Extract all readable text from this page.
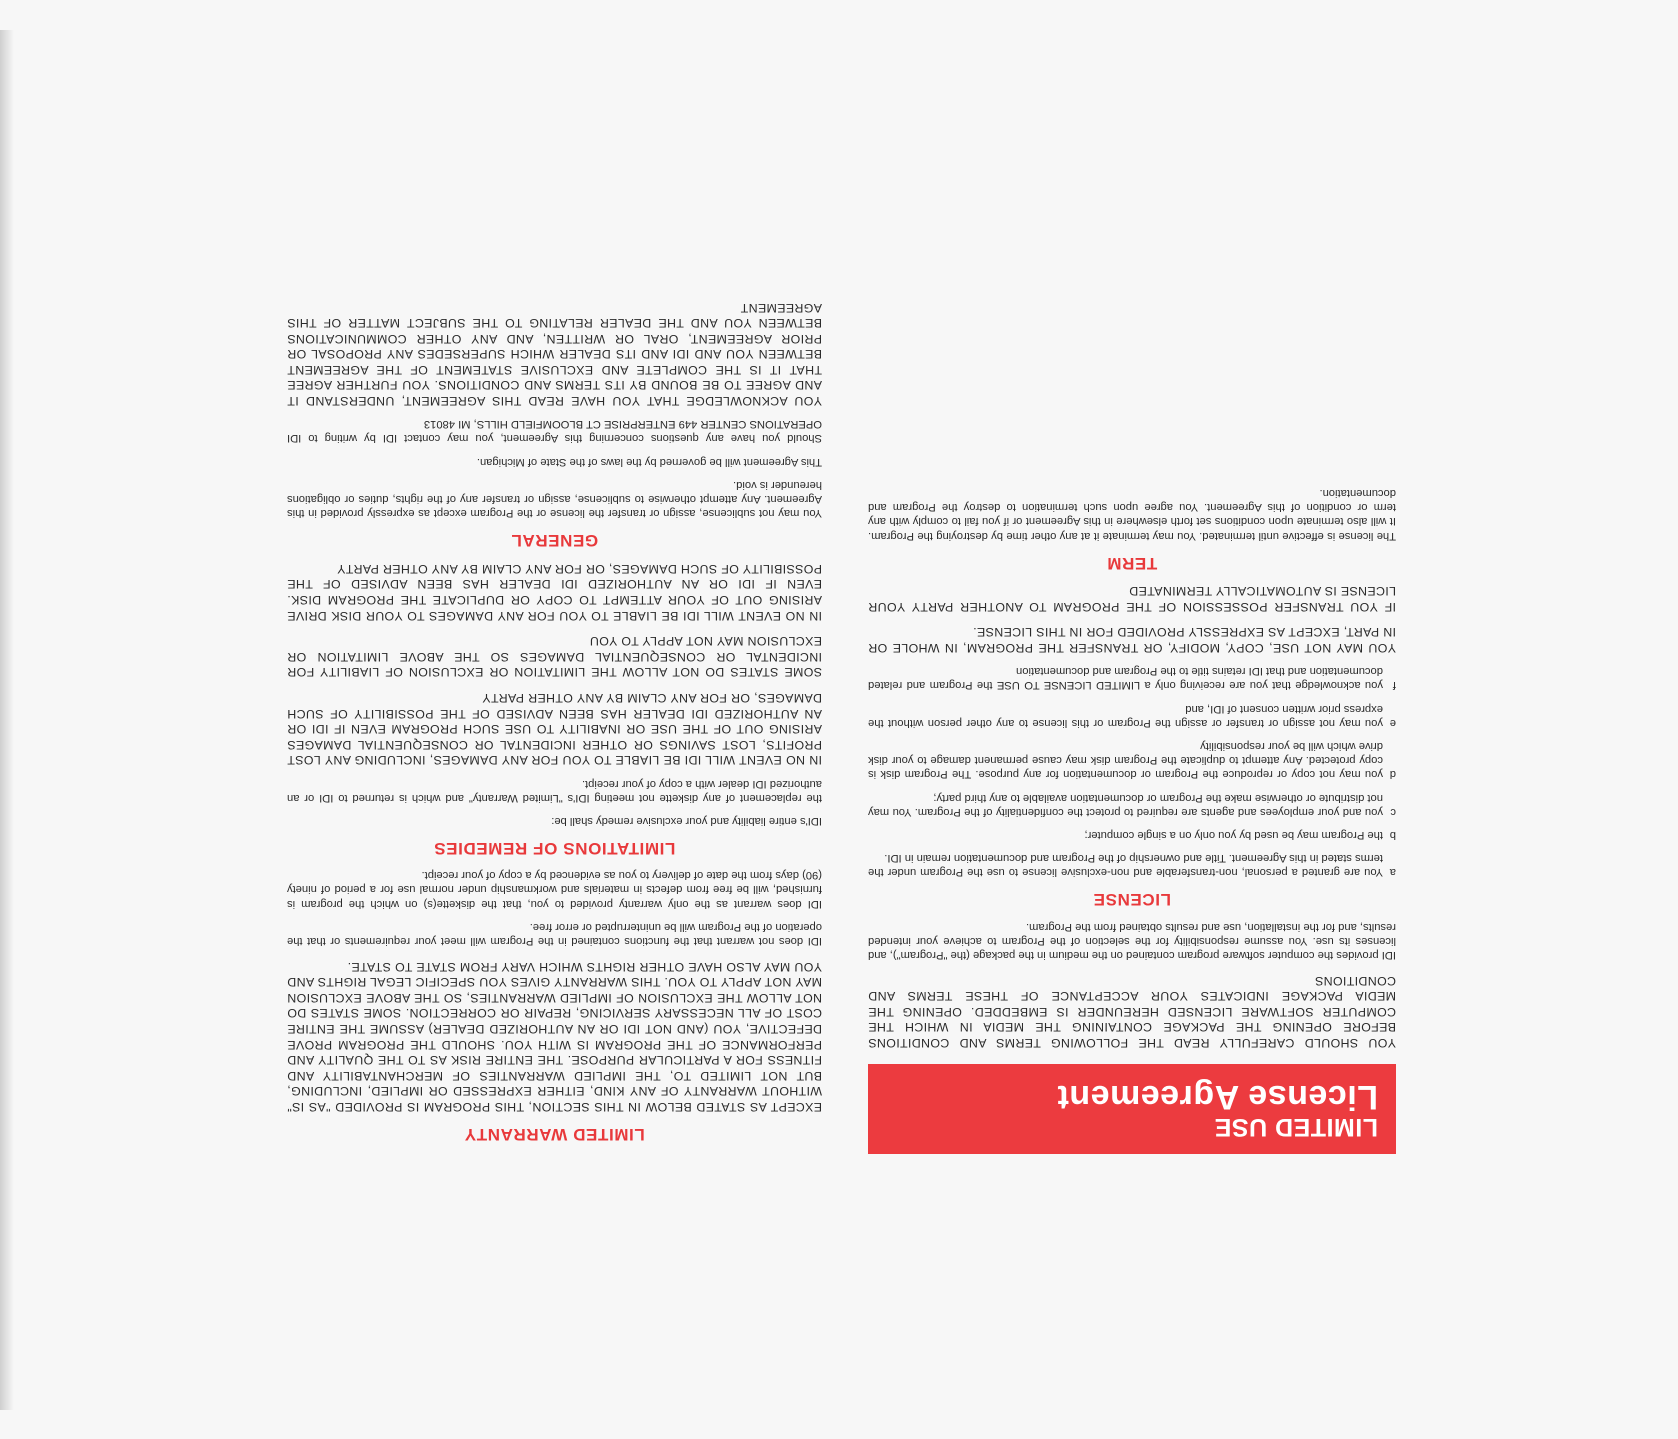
LIMITED USE
License Agreement
YOU SHOULD CAREFULLY READ THE FOLLOWING TERMS AND CONDITIONS BEFORE OPENING THE PACKAGE CONTAINING THE MEDIA IN WHICH THE COMPUTER SOFTWARE LICENSED HEREUNDER IS EMBEDDED. OPENING THE MEDIA PACKAGE INDICATES YOUR ACCEPTANCE OF THESE TERMS AND CONDITIONS
IDI provides the computer software program contained on the medium in the package (the "Program"), and licenses its use. You assume responsibility for the selection of the Program to achieve your intended results, and for the installation, use and results obtained from the Program.
LICENSE
a
You are granted a personal, non-transferable and non-exclusive license to use the Program under the terms stated in this Agreement. Title and ownership of the Program and documentation remain in IDI.
b
the Program may be used by you only on a single computer;
c
you and your employees and agents are required to protect the confidentiality of the Program. You may not distribute or otherwise make the Program or documentation available to any third party;
d
you may not copy or reproduce the Program or documentation for any purpose. The Program disk is copy protected. Any attempt to duplicate the Program disk may cause permanent damage to your disk drive which will be your responsibility
e
you may not assign or transfer or assign the Program or this license to any other person without the express prior written consent of IDI, and
f
you acknowledge that you are receiving only a LIMITED LICENSE TO USE the Program and related documentation and that IDI retains title to the Program and documentation
YOU MAY NOT USE, COPY, MODIFY, OR TRANSFER THE PROGRAM, IN WHOLE OR IN PART, EXCEPT AS EXPRESSLY PROVIDED FOR IN THIS LICENSE.
IF YOU TRANSFER POSSESSION OF THE PROGRAM TO ANOTHER PARTY YOUR LICENSE IS AUTOMATICALLY TERMINATED
TERM
The license is effective until terminated. You may terminate it at any other time by destroying the Program. It will also terminate upon conditions set forth elsewhere in this Agreement or if you fail to comply with any term or condition of this Agreement. You agree upon such termination to destroy the Program and documentation.
LIMITED WARRANTY
EXCEPT AS STATED BELOW IN THIS SECTION, THIS PROGRAM IS PROVIDED "AS IS" WITHOUT WARRANTY OF ANY KIND, EITHER EXPRESSED OR IMPLIED, INCLUDING, BUT NOT LIMITED TO, THE IMPLIED WARRANTIES OF MERCHANTABILITY AND FITNESS FOR A PARTICULAR PURPOSE. THE ENTIRE RISK AS TO THE QUALITY AND PERFORMANCE OF THE PROGRAM IS WITH YOU. SHOULD THE PROGRAM PROVE DEFECTIVE, YOU (AND NOT IDI OR AN AUTHORIZED DEALER) ASSUME THE ENTIRE COST OF ALL NECESSARY SERVICING, REPAIR OR CORRECTION. SOME STATES DO NOT ALLOW THE EXCLUSION OF IMPLIED WARRANTIES, SO THE ABOVE EXCLUSION MAY NOT APPLY TO YOU. THIS WARRANTY GIVES YOU SPECIFIC LEGAL RIGHTS AND YOU MAY ALSO HAVE OTHER RIGHTS WHICH VARY FROM STATE TO STATE.
IDI does not warrant that the functions contained in the Program will meet your requirements or that the operation of the Program will be uninterrupted or error free.
IDI does warrant as the only warranty provided to you, that the diskette(s) on which the program is furnished, will be free from defects in materials and workmanship under normal use for a period of ninety (90) days from the date of delivery to you as evidenced by a copy of your receipt.
LIMITATIONS OF REMEDIES
IDI's entire liability and your exclusive remedy shall be:
the replacement of any diskette not meeting IDI's "Limited Warranty" and which is returned to IDI or an authorized IDI dealer with a copy of your receipt.
IN NO EVENT WILL IDI BE LIABLE TO YOU FOR ANY DAMAGES, INCLUDING ANY LOST PROFITS, LOST SAVINGS OR OTHER INCIDENTAL OR CONSEQUENTIAL DAMAGES ARISING OUT OF THE USE OR INABILITY TO USE SUCH PROGRAM EVEN IF IDI OR AN AUTHORIZED IDI DEALER HAS BEEN ADVISED OF THE POSSIBILITY OF SUCH DAMAGES, OR FOR ANY CLAIM BY ANY OTHER PARTY
SOME STATES DO NOT ALLOW THE LIMITATION OR EXCLUSION OF LIABILITY FOR INCIDENTAL OR CONSEQUENTIAL DAMAGES SO THE ABOVE LIMITATION OR EXCLUSION MAY NOT APPLY TO YOU
IN NO EVENT WILL IDI BE LIABLE TO YOU FOR ANY DAMAGES TO YOUR DISK DRIVE ARISING OUT OF YOUR ATTEMPT TO COPY OR DUPLICATE THE PROGRAM DISK. EVEN IF IDI OR AN AUTHORIZED IDI DEALER HAS BEEN ADVISED OF THE POSSIBILITY OF SUCH DAMAGES, OR FOR ANY CLAIM BY ANY OTHER PARTY
GENERAL
You may not sublicense, assign or transfer the license or the Program except as expressly provided in this Agreement. Any attempt otherwise to sublicense, assign or transfer any of the rights, duties or obligations hereunder is void.
This Agreement will be governed by the laws of the State of Michigan.
Should you have any questions concerning this Agreement, you may contact IDI by writing to IDI OPERATIONS CENTER 449 ENTERPRISE CT BLOOMFIELD HILLS, MI 48013
YOU ACKNOWLEDGE THAT YOU HAVE READ THIS AGREEMENT, UNDERSTAND IT AND AGREE TO BE BOUND BY ITS TERMS AND CONDITIONS. YOU FURTHER AGREE THAT IT IS THE COMPLETE AND EXCLUSIVE STATEMENT OF THE AGREEMENT BETWEEN YOU AND IDI AND ITS DEALER WHICH SUPERSEDES ANY PROPOSAL OR PRIOR AGREEMENT, ORAL OR WRITTEN, AND ANY OTHER COMMUNICATIONS BETWEEN YOU AND THE DEALER RELATING TO THE SUBJECT MATTER OF THIS AGREEMENT
